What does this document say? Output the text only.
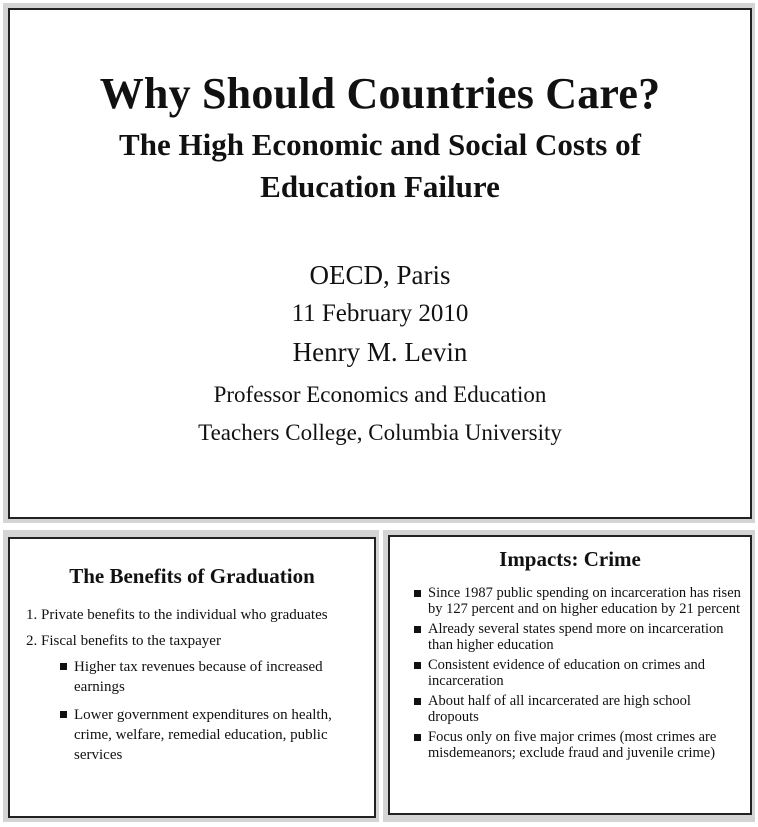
Why Should Countries Care?
The High Economic and Social Costs of
Education Failure
OECD, Paris
11 February 2010
Henry M. Levin
Professor Economics and Education
Teachers College, Columbia University
The Benefits of Graduation
1. Private benefits to the individual who graduates
2. Fiscal benefits to the taxpayer
Higher tax revenues because of increased earnings
Lower government expenditures on health, crime, welfare, remedial education, public services
Impacts: Crime
Since 1987 public spending on incarceration has risen by 127 percent and on higher education by 21 percent
Already several states spend more on incarceration than higher education
Consistent evidence of education on crimes and incarceration
About half of all incarcerated are high school dropouts
Focus only on five major crimes (most crimes are misdemeanors; exclude fraud and juvenile crime)
